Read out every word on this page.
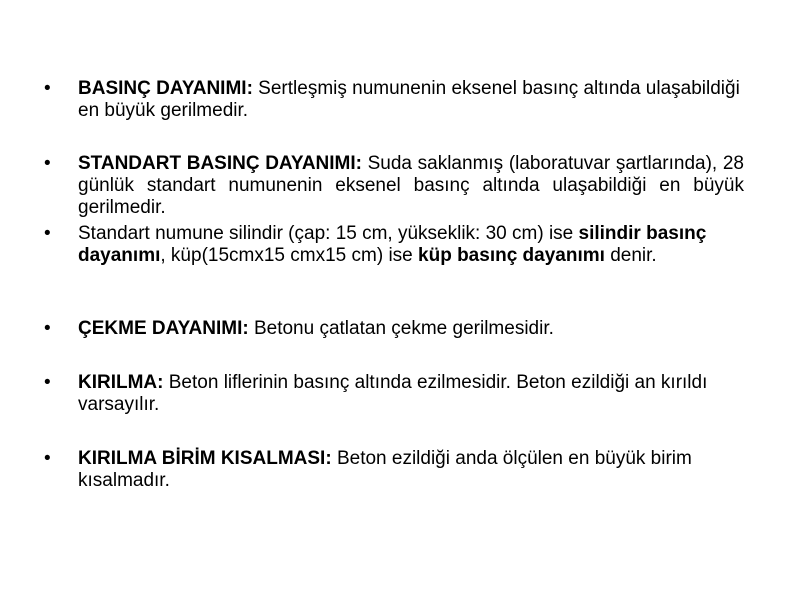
•	BASINÇ DAYANIMI: Sertleşmiş numunenin eksenel basınç altında ulaşabildiği en büyük gerilmedir.
•	STANDART BASINÇ DAYANIMI: Suda saklanmış (laboratuvar şartlarında), 28 günlük standart numunenin eksenel basınç altında ulaşabildiği en büyük gerilmedir.
•	Standart numune silindir (çap: 15 cm, yükseklik: 30 cm) ise silindir basınç dayanımı, küp(15cmx15 cmx15 cm) ise küp basınç dayanımı denir.
•	ÇEKME DAYANIMI: Betonu çatlatan çekme gerilmesidir.
•	KIRILMA: Beton liflerinin basınç altında ezilmesidir. Beton ezildiği an kırıldı varsayılır.
•	KIRILMA BİRİM KISALMASI: Beton ezildiği anda ölçülen en büyük birim kısalmadır.
